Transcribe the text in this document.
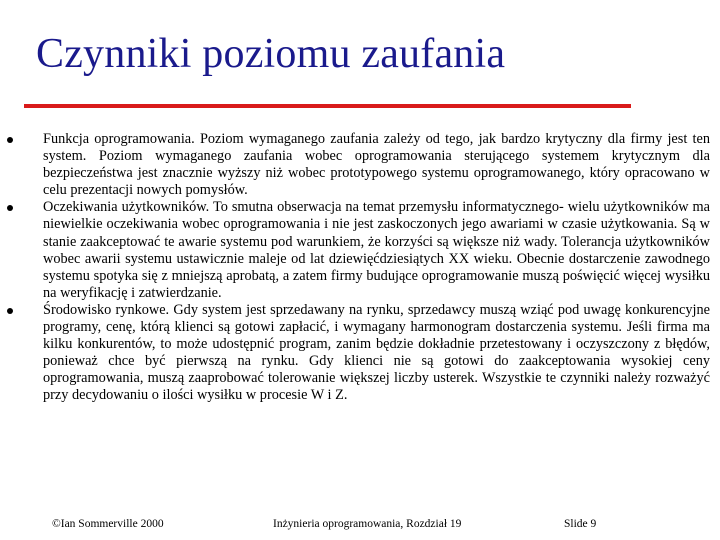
Czynniki poziomu zaufania
Funkcja oprogramowania. Poziom wymaganego zaufania zależy od tego, jak bardzo krytyczny dla firmy jest ten system. Poziom wymaganego zaufania wobec oprogramowania sterującego systemem krytycznym dla bezpieczeństwa jest znacznie wyższy niż wobec prototypowego systemu oprogramowanego, który opracowano w celu prezentacji nowych pomysłów.
Oczekiwania użytkowników. To smutna obserwacja na temat przemysłu informatycznego- wielu użytkowników ma niewielkie oczekiwania wobec oprogramowania i nie jest zaskoczonych jego awariami w czasie użytkowania. Są w stanie zaakceptować te awarie systemu pod warunkiem, że korzyści są większe niż wady. Tolerancja użytkowników wobec awarii systemu ustawicznie maleje od lat dziewięćdziesiątych XX wieku. Obecnie dostarczenie zawodnego systemu spotyka się z mniejszą aprobatą, a zatem firmy budujące oprogramowanie muszą poświęcić więcej wysiłku na weryfikację i zatwierdzanie.
Środowisko rynkowe. Gdy system jest sprzedawany na rynku, sprzedawcy muszą wziąć pod uwagę konkurencyjne programy, cenę, którą klienci są gotowi zapłacić, i wymagany harmonogram dostarczenia systemu. Jeśli firma ma kilku konkurentów, to może udostępnić program, zanim będzie dokładnie przetestowany i oczyszczony z błędów, ponieważ chce być pierwszą na rynku. Gdy klienci nie są gotowi do zaakceptowania wysokiej ceny oprogramowania, muszą zaaprobować tolerowanie większej liczby usterek. Wszystkie te czynniki należy rozważyć przy decydowaniu o ilości wysiłku w procesie W i Z.
©Ian Sommerville 2000	Inżynieria oprogramowania, Rozdział 19	Slide 9
